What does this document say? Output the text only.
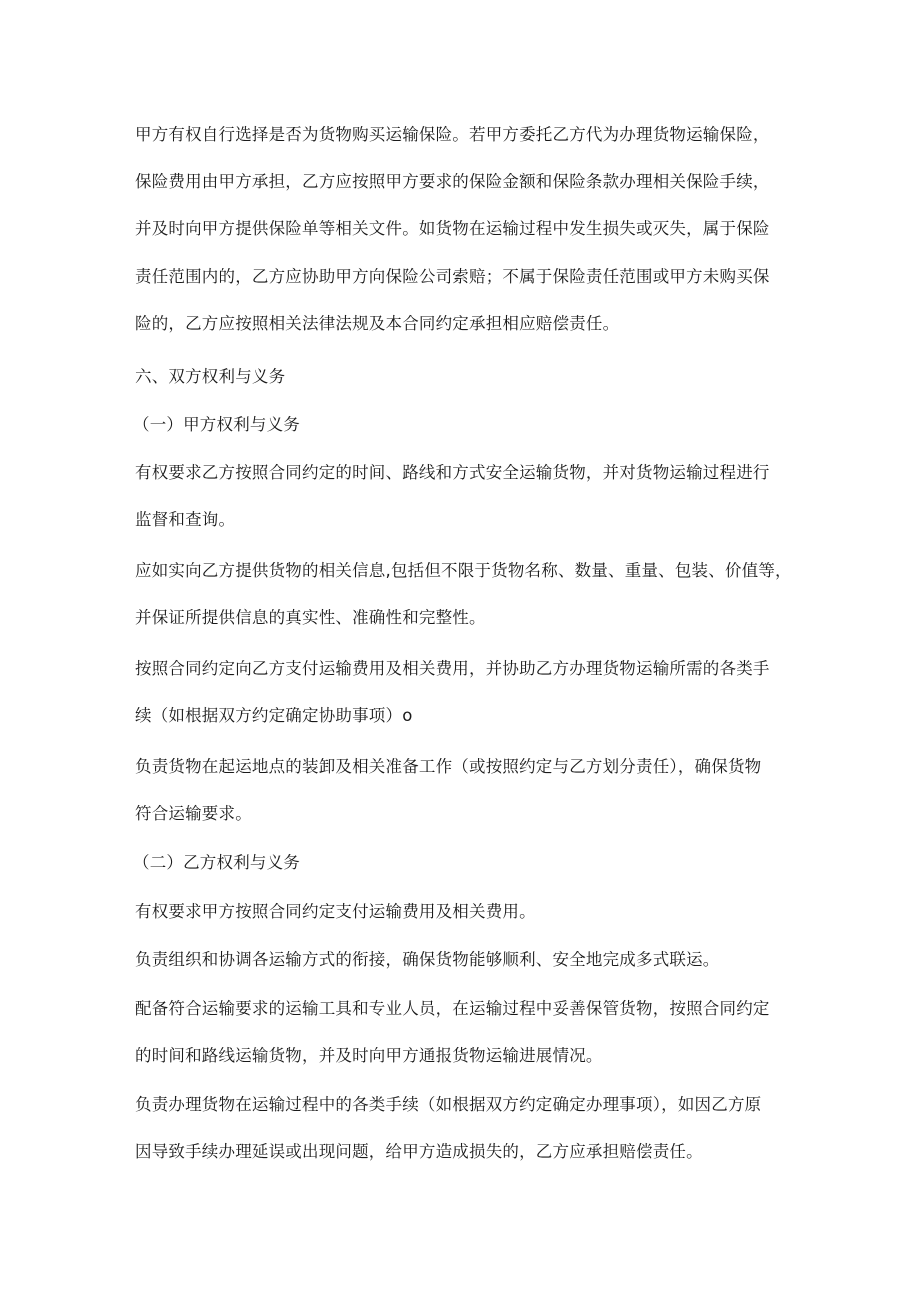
甲方有权自行选择是否为货物购买运输保险。若甲方委托乙方代为办理货物运输保险，
保险费用由甲方承担，乙方应按照甲方要求的保险金额和保险条款办理相关保险手续，
并及时向甲方提供保险单等相关文件。如货物在运输过程中发生损失或灭失，属于保险
责任范围内的，乙方应协助甲方向保险公司索赔；不属于保险责任范围或甲方未购买保
险的，乙方应按照相关法律法规及本合同约定承担相应赔偿责任。
六、双方权利与义务
（一）甲方权利与义务
有权要求乙方按照合同约定的时间、路线和方式安全运输货物，并对货物运输过程进行
监督和查询。
应如实向乙方提供货物的相关信息,包括但不限于货物名称、数量、重量、包装、价值等，
并保证所提供信息的真实性、准确性和完整性。
按照合同约定向乙方支付运输费用及相关费用，并协助乙方办理货物运输所需的各类手
续（如根据双方约定确定协助事项）o
负责货物在起运地点的装卸及相关准备工作（或按照约定与乙方划分责任），确保货物
符合运输要求。
（二）乙方权利与义务
有权要求甲方按照合同约定支付运输费用及相关费用。
负责组织和协调各运输方式的衔接，确保货物能够顺利、安全地完成多式联运。
配备符合运输要求的运输工具和专业人员，在运输过程中妥善保管货物，按照合同约定
的时间和路线运输货物，并及时向甲方通报货物运输进展情况。
负责办理货物在运输过程中的各类手续（如根据双方约定确定办理事项），如因乙方原
因导致手续办理延误或出现问题，给甲方造成损失的，乙方应承担赔偿责任。
